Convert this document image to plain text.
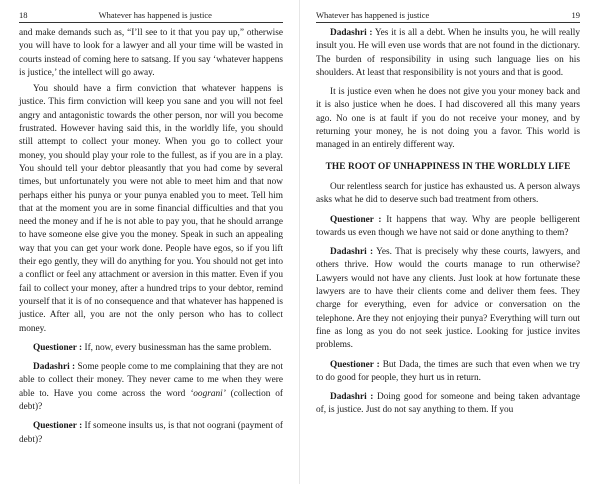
18	Whatever has happened is justice

and make demands such as, “I’ll see to it that you pay up,” otherwise you will have to look for a lawyer and all your time will be wasted in courts instead of coming here to satsang. If you say ‘whatever happens is justice,’ the intellect will go away.

You should have a firm conviction that whatever happens is justice. This firm conviction will keep you sane and you will not feel angry and antagonistic towards the other person, nor will you become frustrated. However having said this, in the worldly life, you should still attempt to collect your money. When you go to collect your money, you should play your role to the fullest, as if you are in a play. You should tell your debtor pleasantly that you had come by several times, but unfortunately you were not able to meet him and that now perhaps either his punya or your punya enabled you to meet. Tell him that at the moment you are in some financial difficulties and that you need the money and if he is not able to pay you, that he should arrange to have someone else give you the money. Speak in such an appealing way that you can get your work done. People have egos, so if you lift their ego gently, they will do anything for you. You should not get into a conflict or feel any attachment or aversion in this matter. Even if you fail to collect your money, after a hundred trips to your debtor, remind yourself that it is of no consequence and that whatever has happened is justice. After all, you are not the only person who has to collect money.

Questioner : If, now, every businessman has the same problem.

Dadashri : Some people come to me complaining that they are not able to collect their money. They never came to me when they were able to. Have you come across the word ‘oograni’ (collection of debt)?

Questioner : If someone insults us, is that not oograni (payment of debt)?

Whatever has happened is justice	19

Dadashri : Yes it is all a debt. When he insults you, he will really insult you. He will even use words that are not found in the dictionary. The burden of responsibility in using such language lies on his shoulders. At least that responsibility is not yours and that is good.

It is justice even when he does not give you your money back and it is also justice when he does. I had discovered all this many years ago. No one is at fault if you do not receive your money, and by returning your money, he is not doing you a favor. This world is managed in an entirely different way.

THE ROOT OF UNHAPPINESS IN THE WORLDLY LIFE

Our relentless search for justice has exhausted us. A person always asks what he did to deserve such bad treatment from others.

Questioner : It happens that way. Why are people belligerent towards us even though we have not said or done anything to them?

Dadashri : Yes. That is precisely why these courts, lawyers, and others thrive. How would the courts manage to run otherwise? Lawyers would not have any clients. Just look at how fortunate these lawyers are to have their clients come and deliver them fees. They charge for everything, even for advice or conversation on the telephone. Are they not enjoying their punya? Everything will turn out fine as long as you do not seek justice. Looking for justice invites problems.

Questioner : But Dada, the times are such that even when we try to do good for people, they hurt us in return.

Dadashri : Doing good for someone and being taken advantage of, is justice. Just do not say anything to them. If you
